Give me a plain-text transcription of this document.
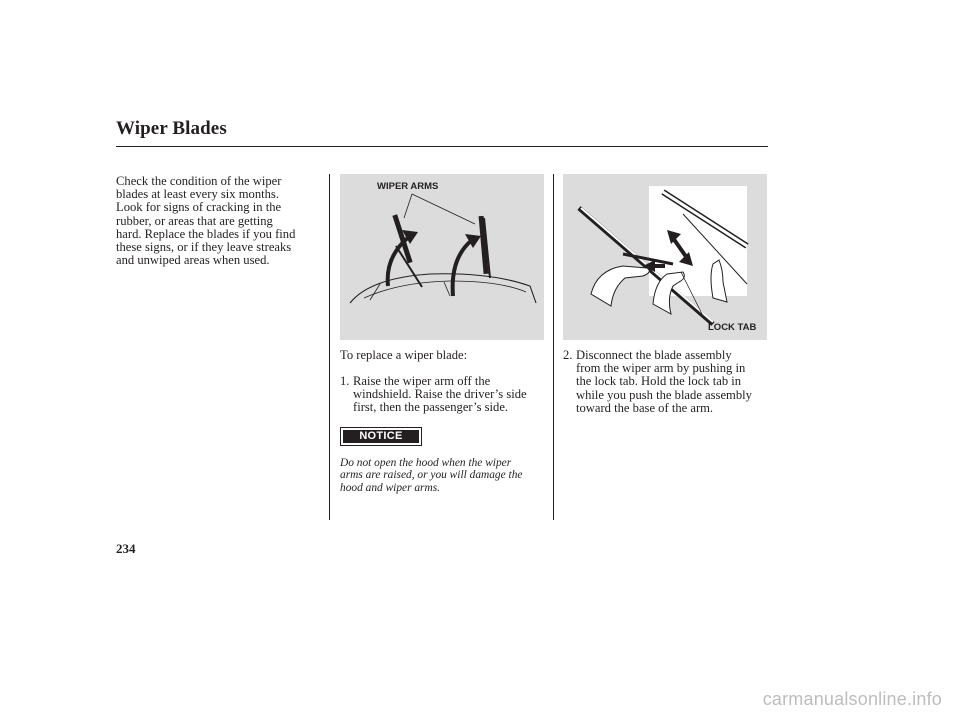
Wiper Blades
Check the condition of the wiper
blades at least every six months.
Look for signs of cracking in the
rubber, or areas that are getting
hard. Replace the blades if you find
these signs, or if they leave streaks
and unwiped areas when used.
WIPER ARMS
LOCK TAB
To replace a wiper blade:
1. Raise the wiper arm off the
windshield. Raise the driver’s side
first, then the passenger’s side.
2. Disconnect the blade assembly
from the wiper arm by pushing in
the lock tab. Hold the lock tab in
while you push the blade assembly
toward the base of the arm.
NOTICE
Do not open the hood when the wiper
arms are raised, or you will damage the
hood and wiper arms.
234
carmanualsonline.info
